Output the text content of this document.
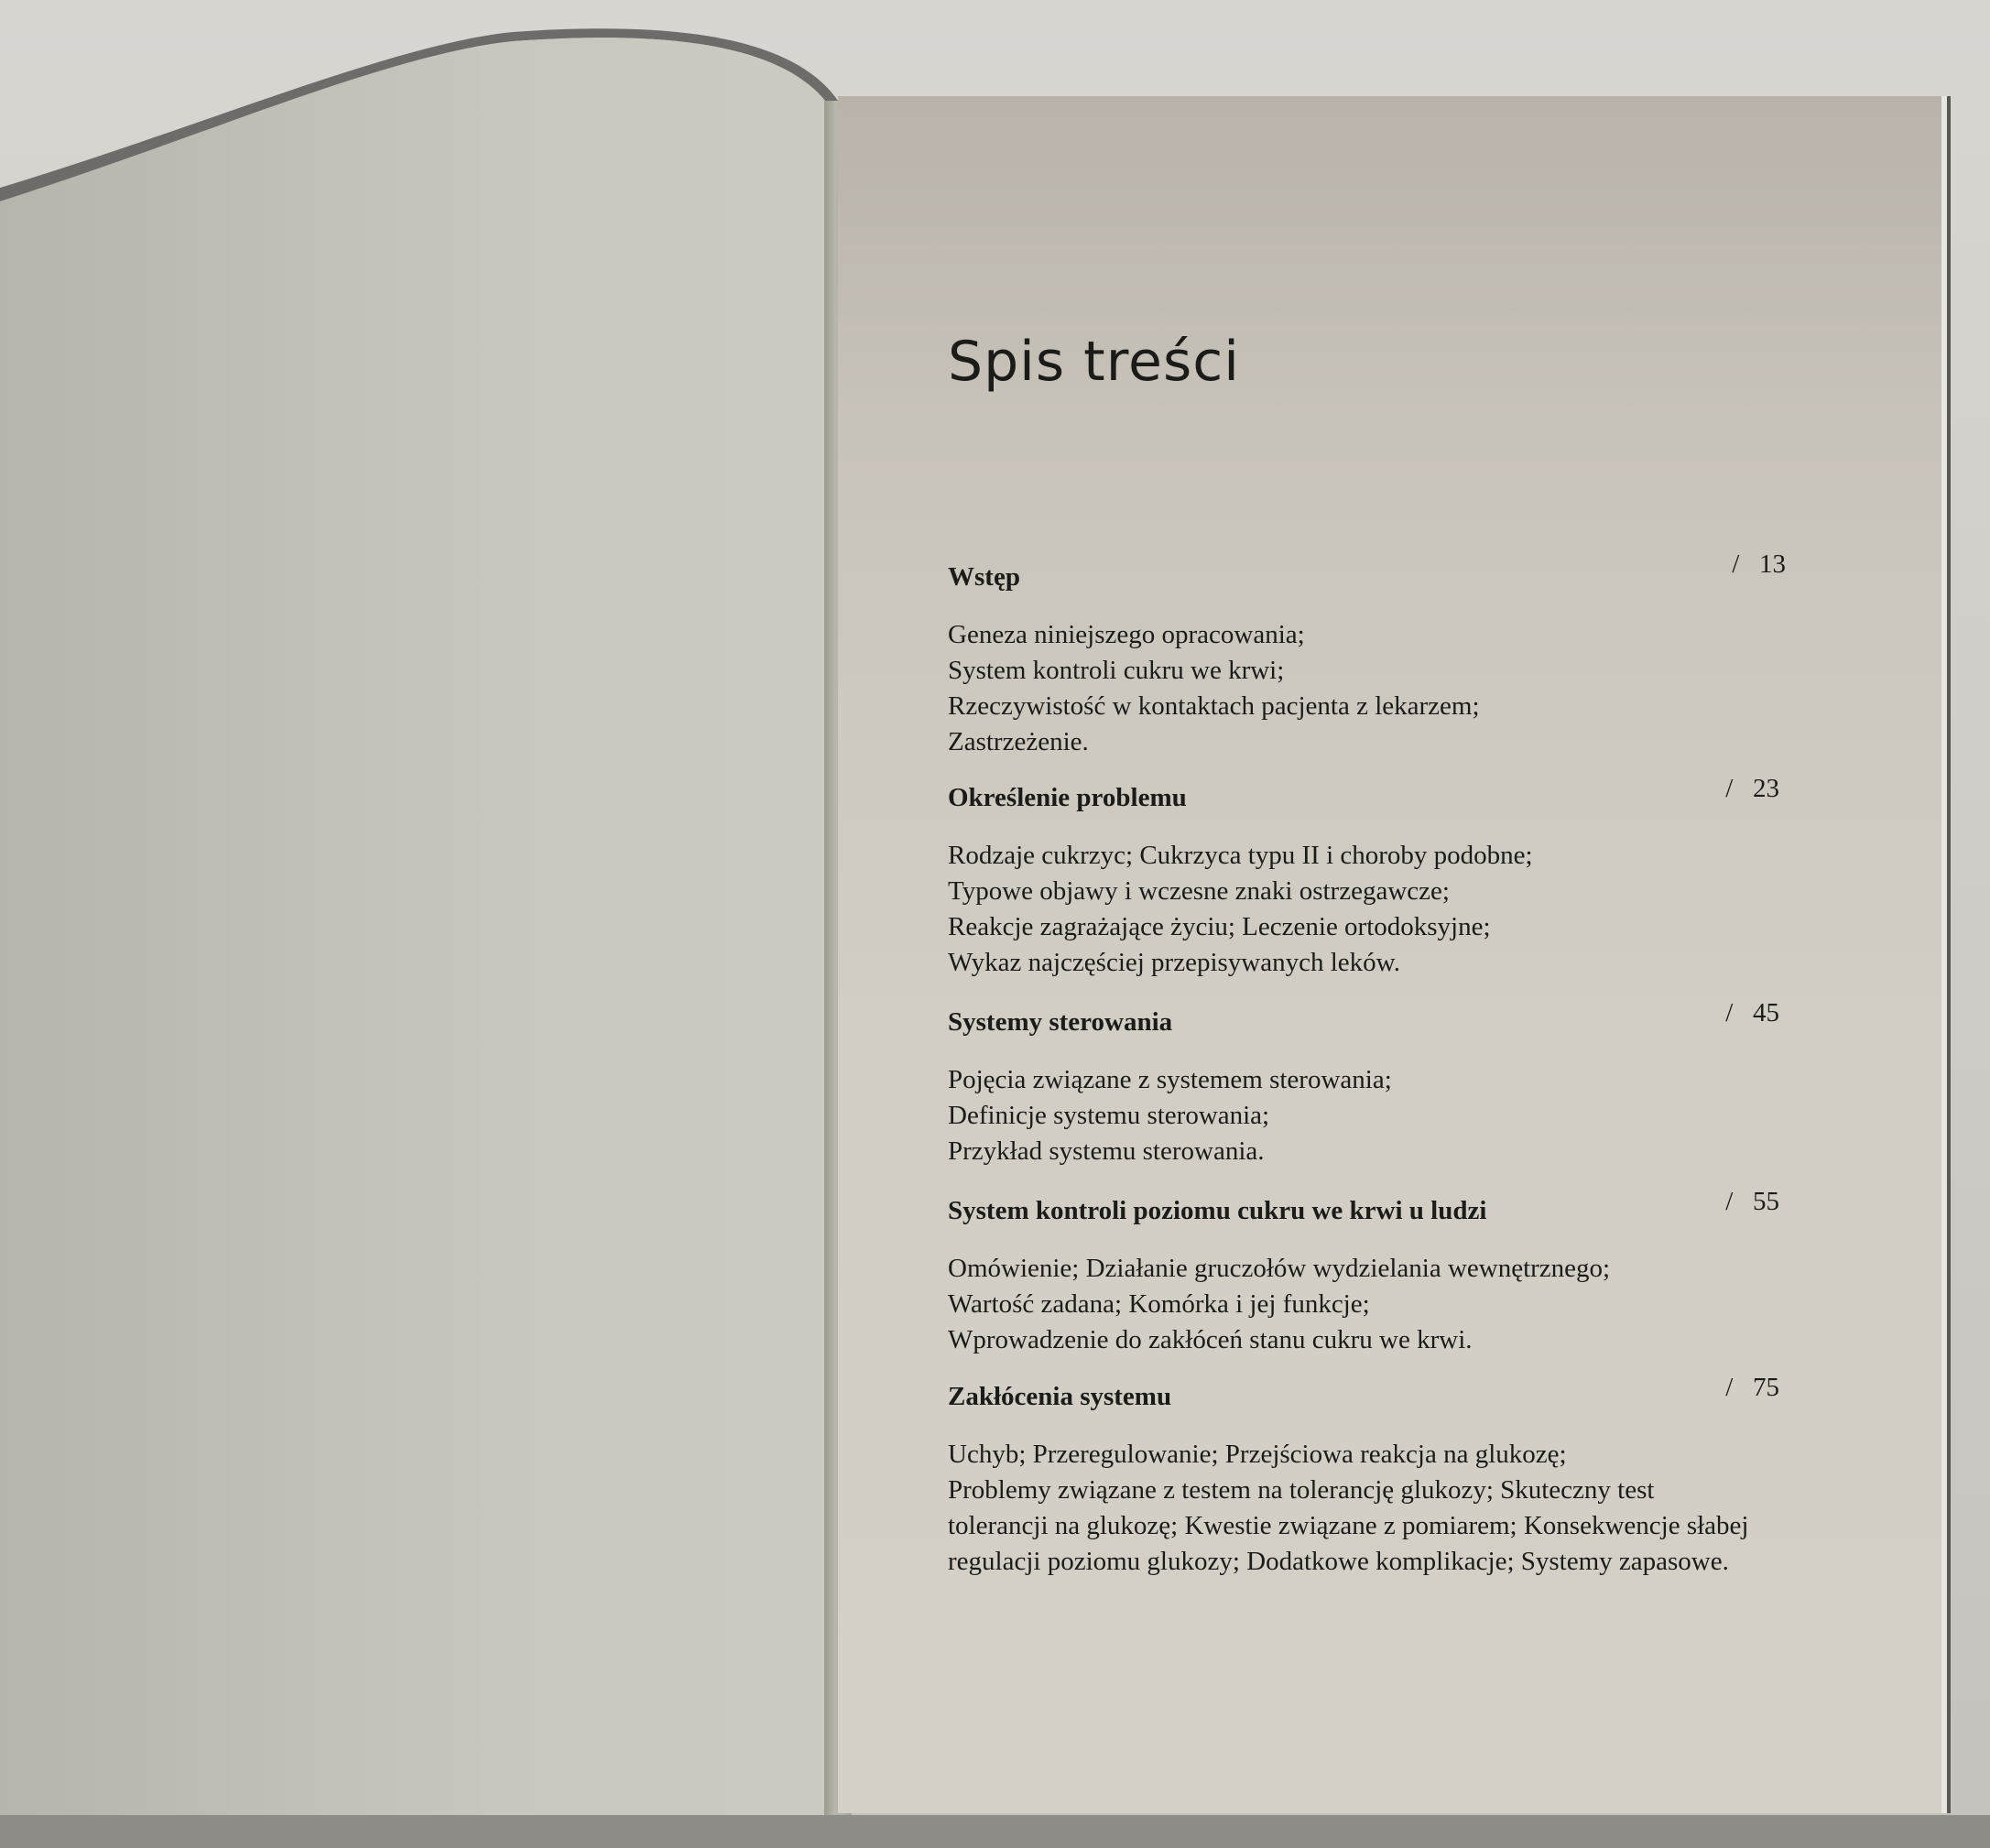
Spis treści
Wstęp	/   13
Geneza niniejszego opracowania;
System kontroli cukru we krwi;
Rzeczywistość w kontaktach pacjenta z lekarzem;
Zastrzeżenie.
Określenie problemu	/   23
Rodzaje cukrzyc; Cukrzyca typu II i choroby podobne;
Typowe objawy i wczesne znaki ostrzegawcze;
Reakcje zagrażające życiu; Leczenie ortodoksyjne;
Wykaz najczęściej przepisywanych leków.
Systemy sterowania	/   45
Pojęcia związane z systemem sterowania;
Definicje systemu sterowania;
Przykład systemu sterowania.
System kontroli poziomu cukru we krwi u ludzi	/   55
Omówienie; Działanie gruczołów wydzielania wewnętrznego;
Wartość zadana; Komórka i jej funkcje;
Wprowadzenie do zakłóceń stanu cukru we krwi.
Zakłócenia systemu	/   75
Uchyb; Przeregulowanie; Przejściowa reakcja na glukozę;
Problemy związane z testem na tolerancję glukozy; Skuteczny test
tolerancji na glukozę; Kwestie związane z pomiarem; Konsekwencje słabej
regulacji poziomu glukozy; Dodatkowe komplikacje; Systemy zapasowe.
